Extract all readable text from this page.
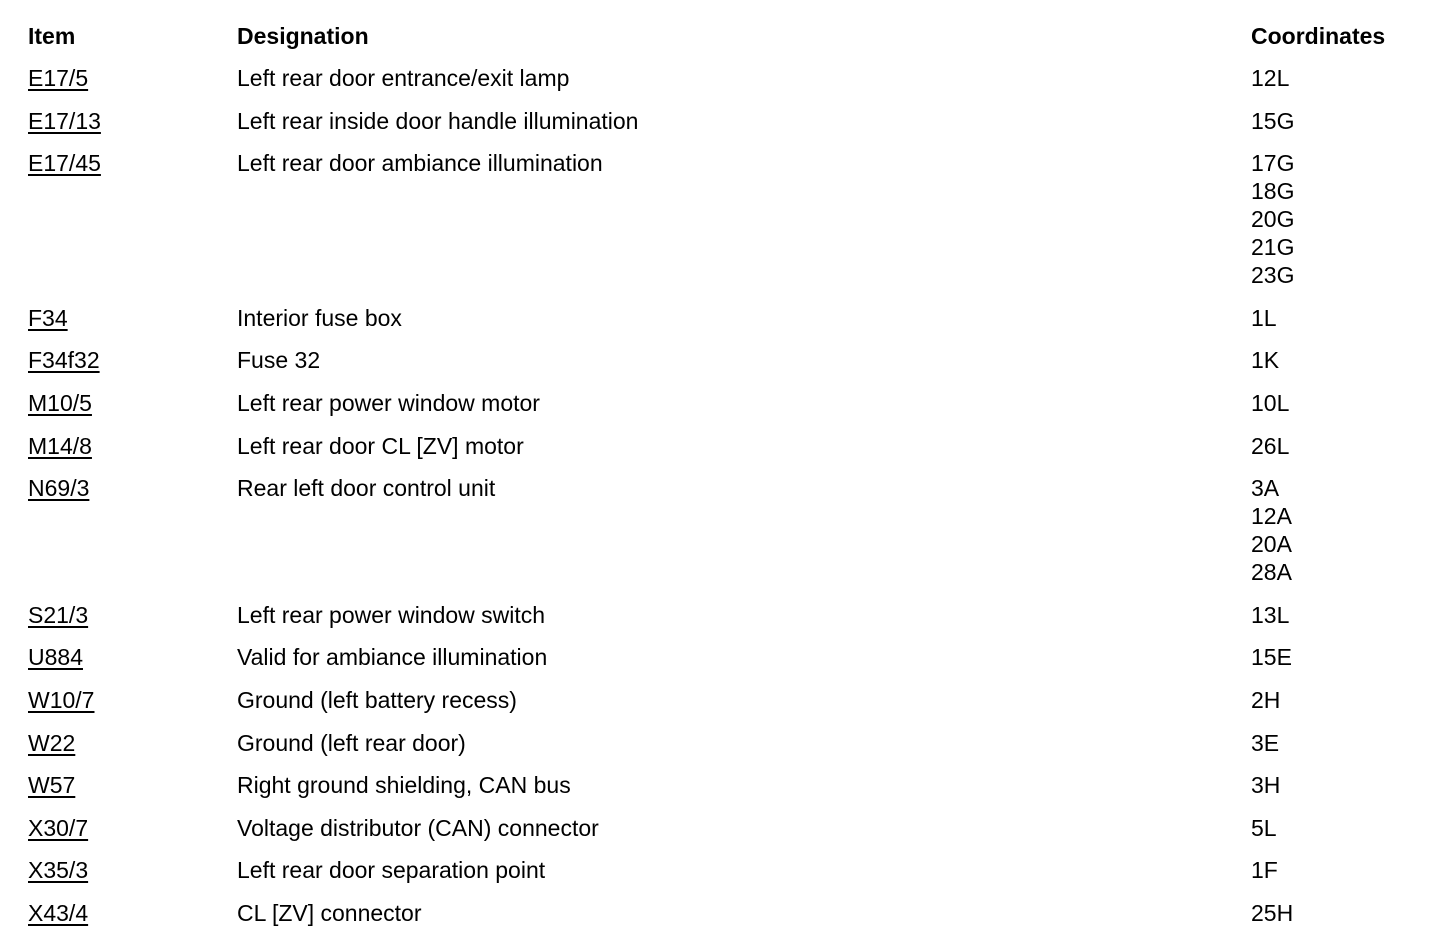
Item	Designation	Coordinates
E17/5	Left rear door entrance/exit lamp	12L
E17/13	Left rear inside door handle illumination	15G
E17/45	Left rear door ambiance illumination	17G
18G
20G
21G
23G
F34	Interior fuse box	1L
F34f32	Fuse 32	1K
M10/5	Left rear power window motor	10L
M14/8	Left rear door CL [ZV] motor	26L
N69/3	Rear left door control unit	3A
12A
20A
28A
S21/3	Left rear power window switch	13L
U884	Valid for ambiance illumination	15E
W10/7	Ground (left battery recess)	2H
W22	Ground (left rear door)	3E
W57	Right ground shielding, CAN bus	3H
X30/7	Voltage distributor (CAN) connector	5L
X35/3	Left rear door separation point	1F
X43/4	CL [ZV] connector	25H
